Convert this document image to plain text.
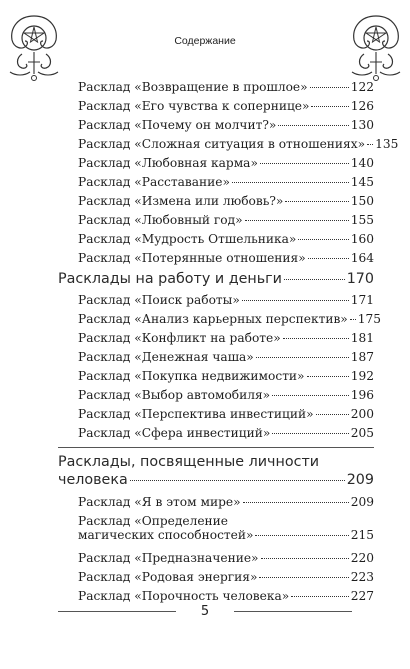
Содержание
Расклад «Возвращение в прошлое»	122
Расклад «Его чувства к сопернице»	126
Расклад «Почему он молчит?»	130
Расклад «Сложная ситуация в отношениях» 135
Расклад «Любовная карма»	140
Расклад «Расставание»	145
Расклад «Измена или любовь?»	150
Расклад «Любовный год»	155
Расклад «Мудрость Отшельника»	160
Расклад «Потерянные отношения»	164
Расклады на работу и деньги	170
Расклад «Поиск работы»	171
Расклад «Анализ карьерных перспектив» 175
Расклад «Конфликт на работе»	181
Расклад «Денежная чаша»	187
Расклад «Покупка недвижимости»	192
Расклад «Выбор автомобиля»	196
Расклад «Перспектива инвестиций»	200
Расклад «Сфера инвестиций»	205
Расклады, посвященные личности
человека	209
Расклад «Я в этом мире»	209
Расклад «Определение
магических способностей»	215
Расклад «Предназначение»	220
Расклад «Родовая энергия»	223
Расклад «Порочность человека»	227
5
